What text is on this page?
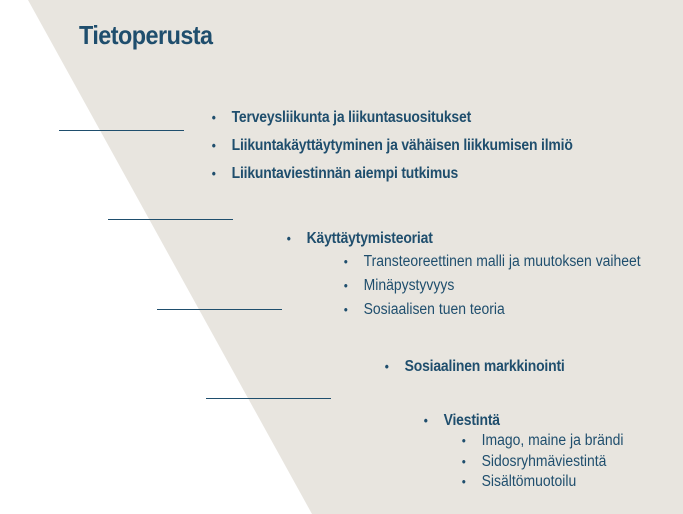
Tietoperusta
• Terveysliikunta ja liikuntasuositukset
• Liikuntakäyttäytyminen ja vähäisen liikkumisen ilmiö
• Liikuntaviestinnän aiempi tutkimus
• Käyttäytymisteoriat
• Transteoreettinen malli ja muutoksen vaiheet
• Minäpystyvyys
• Sosiaalisen tuen teoria
• Sosiaalinen markkinointi
• Viestintä
• Imago, maine ja brändi
• Sidosryhmäviestintä
• Sisältömuotoilu
